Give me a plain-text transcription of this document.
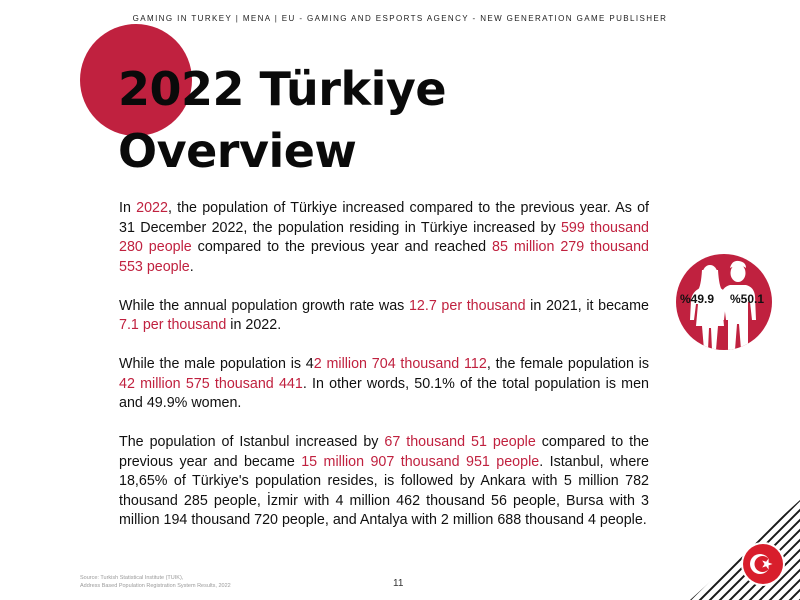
GAMING IN TURKEY | MENA | EU - GAMING AND ESPORTS AGENCY - NEW GENERATION GAME PUBLISHER
2022 Türkiye
Overview

In 2022, the population of Türkiye increased compared to the previous year. As of 31 December 2022, the population residing in Türkiye increased by 599 thousand 280 people compared to the previous year and reached 85 million 279 thousand 553 people.

While the annual population growth rate was 12.7 per thousand in 2021, it became 7.1 per thousand in 2022.

While the male population is 42 million 704 thousand 112, the female population is 42 million 575 thousand 441. In other words, 50.1% of the total population is men and 49.9% women.

The population of Istanbul increased by 67 thousand 51 people compared to the previous year and became 15 million 907 thousand 951 people. Istanbul, where 18,65% of Türkiye's population resides, is followed by Ankara with 5 million 782 thousand 285 people, İzmir with 4 million 462 thousand 56 people, Bursa with 3 million 194 thousand 720 people, and Antalya with 2 million 688 thousand 4 people.

%49.9 %50.1
Source: Turkish Statistical Institute (TUIK),
Address Based Population Registration System Results, 2022	11
